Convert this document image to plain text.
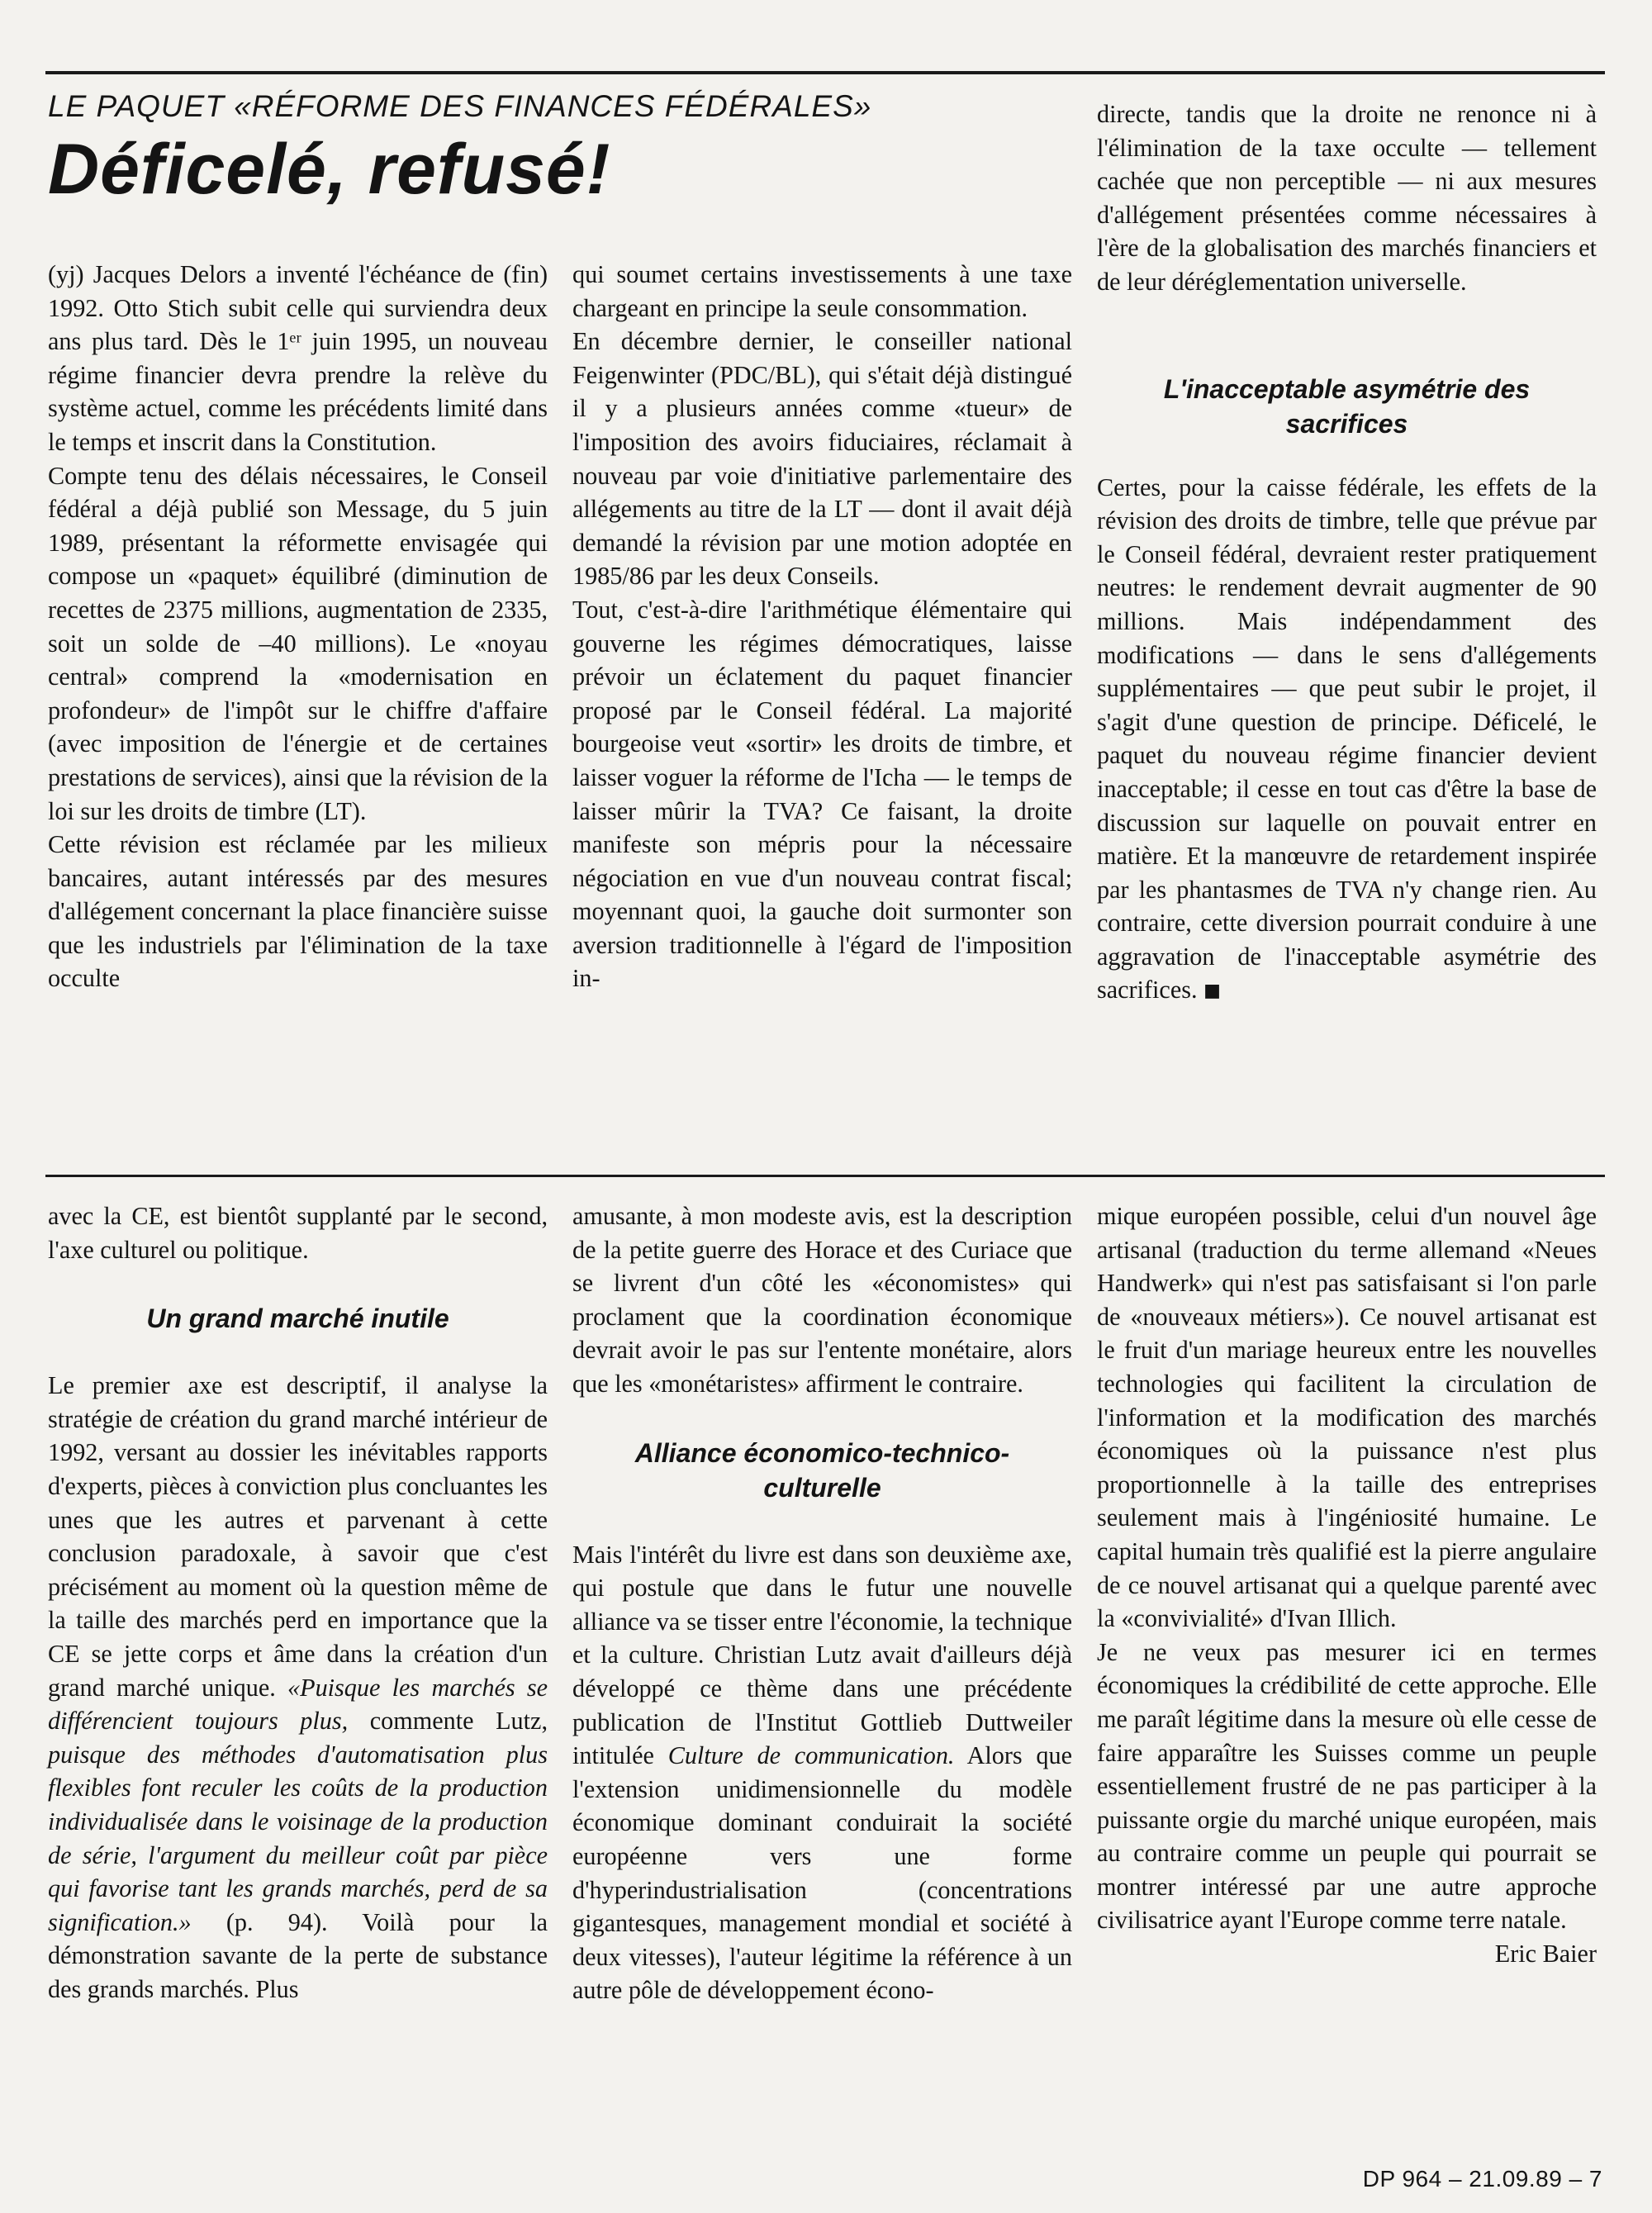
LE PAQUET «RÉFORME DES FINANCES FÉDÉRALES»
Déficelé, refusé!

(yj) Jacques Delors a inventé l'échéance de (fin) 1992. Otto Stich subit celle qui surviendra deux ans plus tard. Dès le 1ᵉʳ juin 1995, un nouveau régime financier devra prendre la relève du système actuel, comme les précédents limité dans le temps et inscrit dans la Constitution.

Compte tenu des délais nécessaires, le Conseil fédéral a déjà publié son Message, du 5 juin 1989, présentant la réformette envisagée qui compose un «paquet» équilibré (diminution de recettes de 2375 millions, augmentation de 2335, soit un solde de –40 millions). Le «noyau central» comprend la «modernisation en profondeur» de l'impôt sur le chiffre d'affaire (avec imposition de l'énergie et de certaines prestations de services), ainsi que la révision de la loi sur les droits de timbre (LT).

Cette révision est réclamée par les milieux bancaires, autant intéressés par des mesures d'allégement concernant la place financière suisse que les industriels par l'élimination de la taxe occulte

qui soumet certains investissements à une taxe chargeant en principe la seule consommation.

En décembre dernier, le conseiller national Feigenwinter (PDC/BL), qui s'était déjà distingué il y a plusieurs années comme «tueur» de l'imposition des avoirs fiduciaires, réclamait à nouveau par voie d'initiative parlementaire des allégements au titre de la LT — dont il avait déjà demandé la révision par une motion adoptée en 1985/86 par les deux Conseils.

Tout, c'est-à-dire l'arithmétique élémentaire qui gouverne les régimes démocratiques, laisse prévoir un éclatement du paquet financier proposé par le Conseil fédéral. La majorité bourgeoise veut «sortir» les droits de timbre, et laisser voguer la réforme de l'Icha — le temps de laisser mûrir la TVA? Ce faisant, la droite manifeste son mépris pour la nécessaire négociation en vue d'un nouveau contrat fiscal; moyennant quoi, la gauche doit surmonter son aversion traditionnelle à l'égard de l'imposition in-

directe, tandis que la droite ne renonce ni à l'élimination de la taxe occulte — tellement cachée que non perceptible — ni aux mesures d'allégement présentées comme nécessaires à l'ère de la globalisation des marchés financiers et de leur déréglementation universelle.

L'inacceptable asymétrie des sacrifices

Certes, pour la caisse fédérale, les effets de la révision des droits de timbre, telle que prévue par le Conseil fédéral, devraient rester pratiquement neutres: le rendement devrait augmenter de 90 millions. Mais indépendamment des modifications — dans le sens d'allégements supplémentaires — que peut subir le projet, il s'agit d'une question de principe. Déficelé, le paquet du nouveau régime financier devient inacceptable; il cesse en tout cas d'être la base de discussion sur laquelle on pouvait entrer en matière. Et la manœuvre de retardement inspirée par les phantasmes de TVA n'y change rien. Au contraire, cette diversion pourrait conduire à une aggravation de l'inacceptable asymétrie des sacrifices. ■

avec la CE, est bientôt supplanté par le second, l'axe culturel ou politique.

Un grand marché inutile

Le premier axe est descriptif, il analyse la stratégie de création du grand marché intérieur de 1992, versant au dossier les inévitables rapports d'experts, pièces à conviction plus concluantes les unes que les autres et parvenant à cette conclusion paradoxale, à savoir que c'est précisément au moment où la question même de la taille des marchés perd en importance que la CE se jette corps et âme dans la création d'un grand marché unique. «Puisque les marchés se différencient toujours plus, commente Lutz, puisque des méthodes d'automatisation plus flexibles font reculer les coûts de la production individualisée dans le voisinage de la production de série, l'argument du meilleur coût par pièce qui favorise tant les grands marchés, perd de sa signification.» (p. 94). Voilà pour la démonstration savante de la perte de substance des grands marchés. Plus

amusante, à mon modeste avis, est la description de la petite guerre des Horace et des Curiace que se livrent d'un côté les «économistes» qui proclament que la coordination économique devrait avoir le pas sur l'entente monétaire, alors que les «monétaristes» affirment le contraire.

Alliance économico-technico-culturelle

Mais l'intérêt du livre est dans son deuxième axe, qui postule que dans le futur une nouvelle alliance va se tisser entre l'économie, la technique et la culture. Christian Lutz avait d'ailleurs déjà développé ce thème dans une précédente publication de l'Institut Gottlieb Duttweiler intitulée Culture de communication. Alors que l'extension unidimensionnelle du modèle économique dominant conduirait la société européenne vers une forme d'hyperindustrialisation (concentrations gigantesques, management mondial et société à deux vitesses), l'auteur légitime la référence à un autre pôle de développement écono-

mique européen possible, celui d'un nouvel âge artisanal (traduction du terme allemand «Neues Handwerk» qui n'est pas satisfaisant si l'on parle de «nouveaux métiers»). Ce nouvel artisanat est le fruit d'un mariage heureux entre les nouvelles technologies qui facilitent la circulation de l'information et la modification des marchés économiques où la puissance n'est plus proportionnelle à la taille des entreprises seulement mais à l'ingéniosité humaine. Le capital humain très qualifié est la pierre angulaire de ce nouvel artisanat qui a quelque parenté avec la «convivialité» d'Ivan Illich.

Je ne veux pas mesurer ici en termes économiques la crédibilité de cette approche. Elle me paraît légitime dans la mesure où elle cesse de faire apparaître les Suisses comme un peuple essentiellement frustré de ne pas participer à la puissante orgie du marché unique européen, mais au contraire comme un peuple qui pourrait se montrer intéressé par une autre approche civilisatrice ayant l'Europe comme terre natale.

Eric Baier

DP 964 – 21.09.89 – 7
